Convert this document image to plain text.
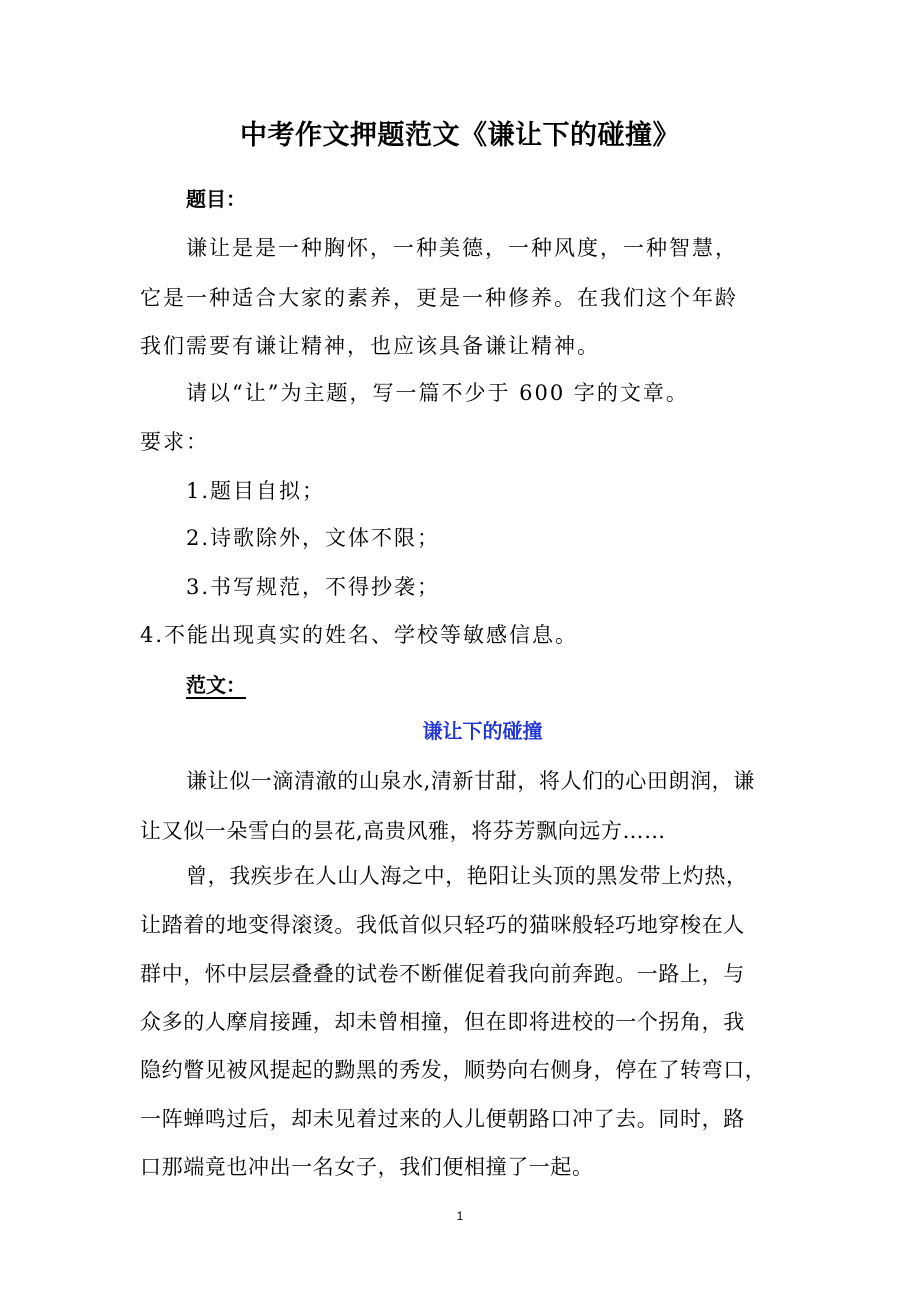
中考作文押题范文《谦让下的碰撞》
题目：
谦让是是一种胸怀，一种美德，一种风度，一种智慧，
它是一种适合大家的素养，更是一种修养。在我们这个年龄
我们需要有谦让精神，也应该具备谦让精神。
请以“让”为主题，写一篇不少于 600 字的文章。
要求：
1.题目自拟；
2.诗歌除外，文体不限；
3.书写规范，不得抄袭；
4.不能出现真实的姓名、学校等敏感信息。
范文：
谦让下的碰撞
谦让似一滴清澈的山泉水,清新甘甜，将人们的心田朗润，谦
让又似一朵雪白的昙花,高贵风雅，将芬芳飘向远方……
曾，我疾步在人山人海之中，艳阳让头顶的黑发带上灼热，
让踏着的地变得滚烫。我低首似只轻巧的猫咪般轻巧地穿梭在人
群中，怀中层层叠叠的试卷不断催促着我向前奔跑。一路上，与
众多的人摩肩接踵，却未曾相撞，但在即将进校的一个拐角，我
隐约瞥见被风提起的黝黑的秀发，顺势向右侧身，停在了转弯口，
一阵蝉鸣过后，却未见着过来的人儿便朝路口冲了去。同时，路
口那端竟也冲出一名女子，我们便相撞了一起。
1
